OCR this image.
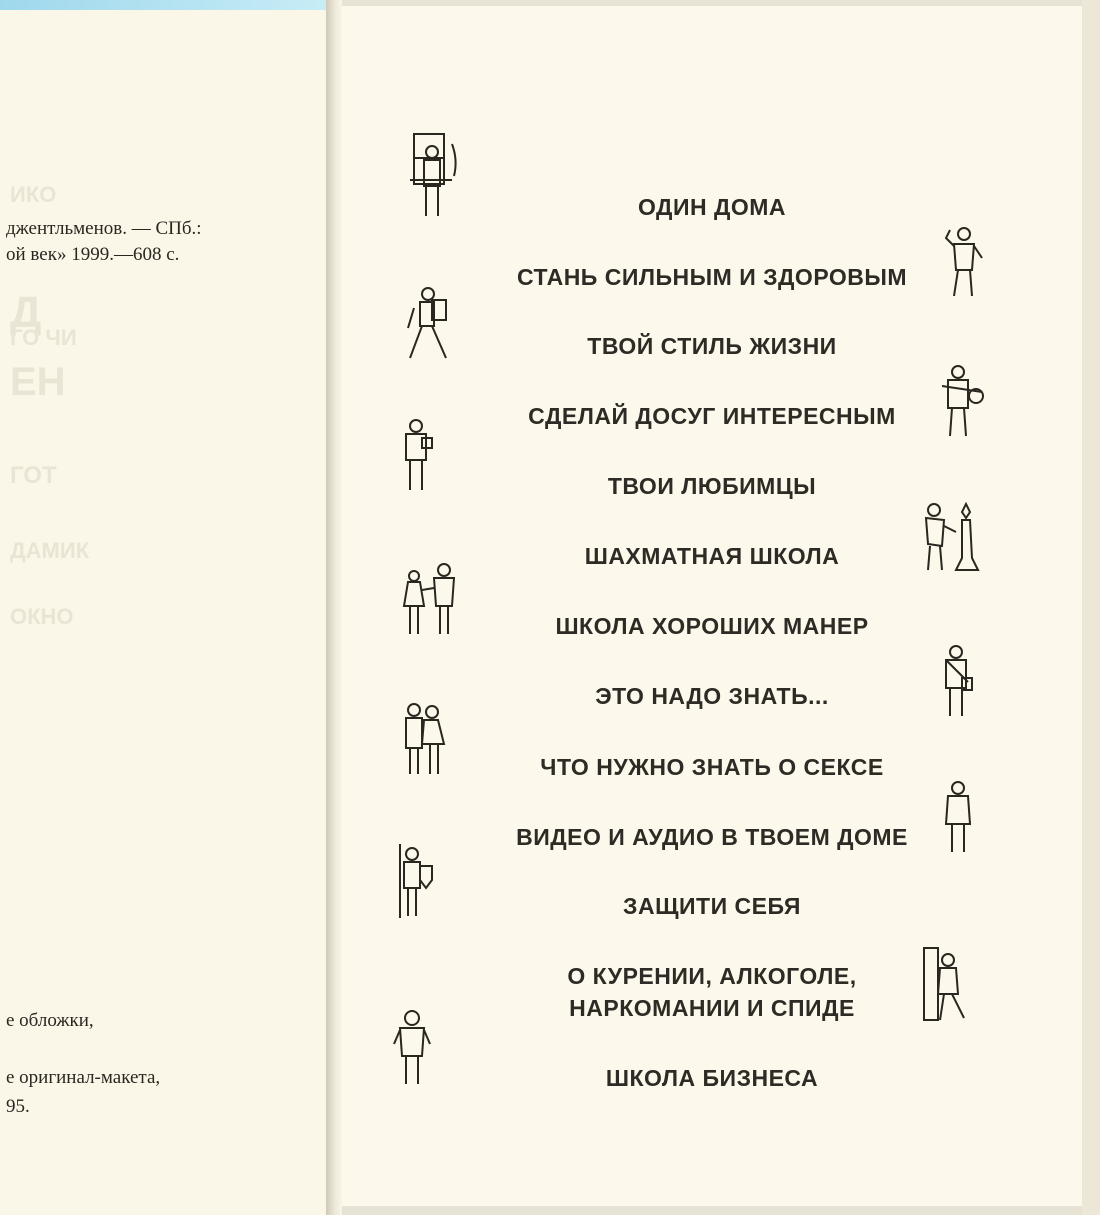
ИКО
Д
ГО ЧИ
ЕН
ГОТ
ДАМИК
ОКНО
джентльменов. — СПб.:
ой век» 1999.—608 с.
е обложки,
е оригинал-макета,
95.
ОДИН ДОМА
СТАНЬ СИЛЬНЫМ И ЗДОРОВЫМ
ТВОЙ СТИЛЬ ЖИЗНИ
СДЕЛАЙ ДОСУГ ИНТЕРЕСНЫМ
ТВОИ ЛЮБИМЦЫ
ШАХМАТНАЯ ШКОЛА
ШКОЛА ХОРОШИХ МАНЕР
ЭТО НАДО ЗНАТЬ...
ЧТО НУЖНО ЗНАТЬ О СЕКСЕ
ВИДЕО И АУДИО В ТВОЕМ ДОМЕ
ЗАЩИТИ СЕБЯ
О КУРЕНИИ, АЛКОГОЛЕ,
НАРКОМАНИИ И СПИДЕ
ШКОЛА БИЗНЕСА
